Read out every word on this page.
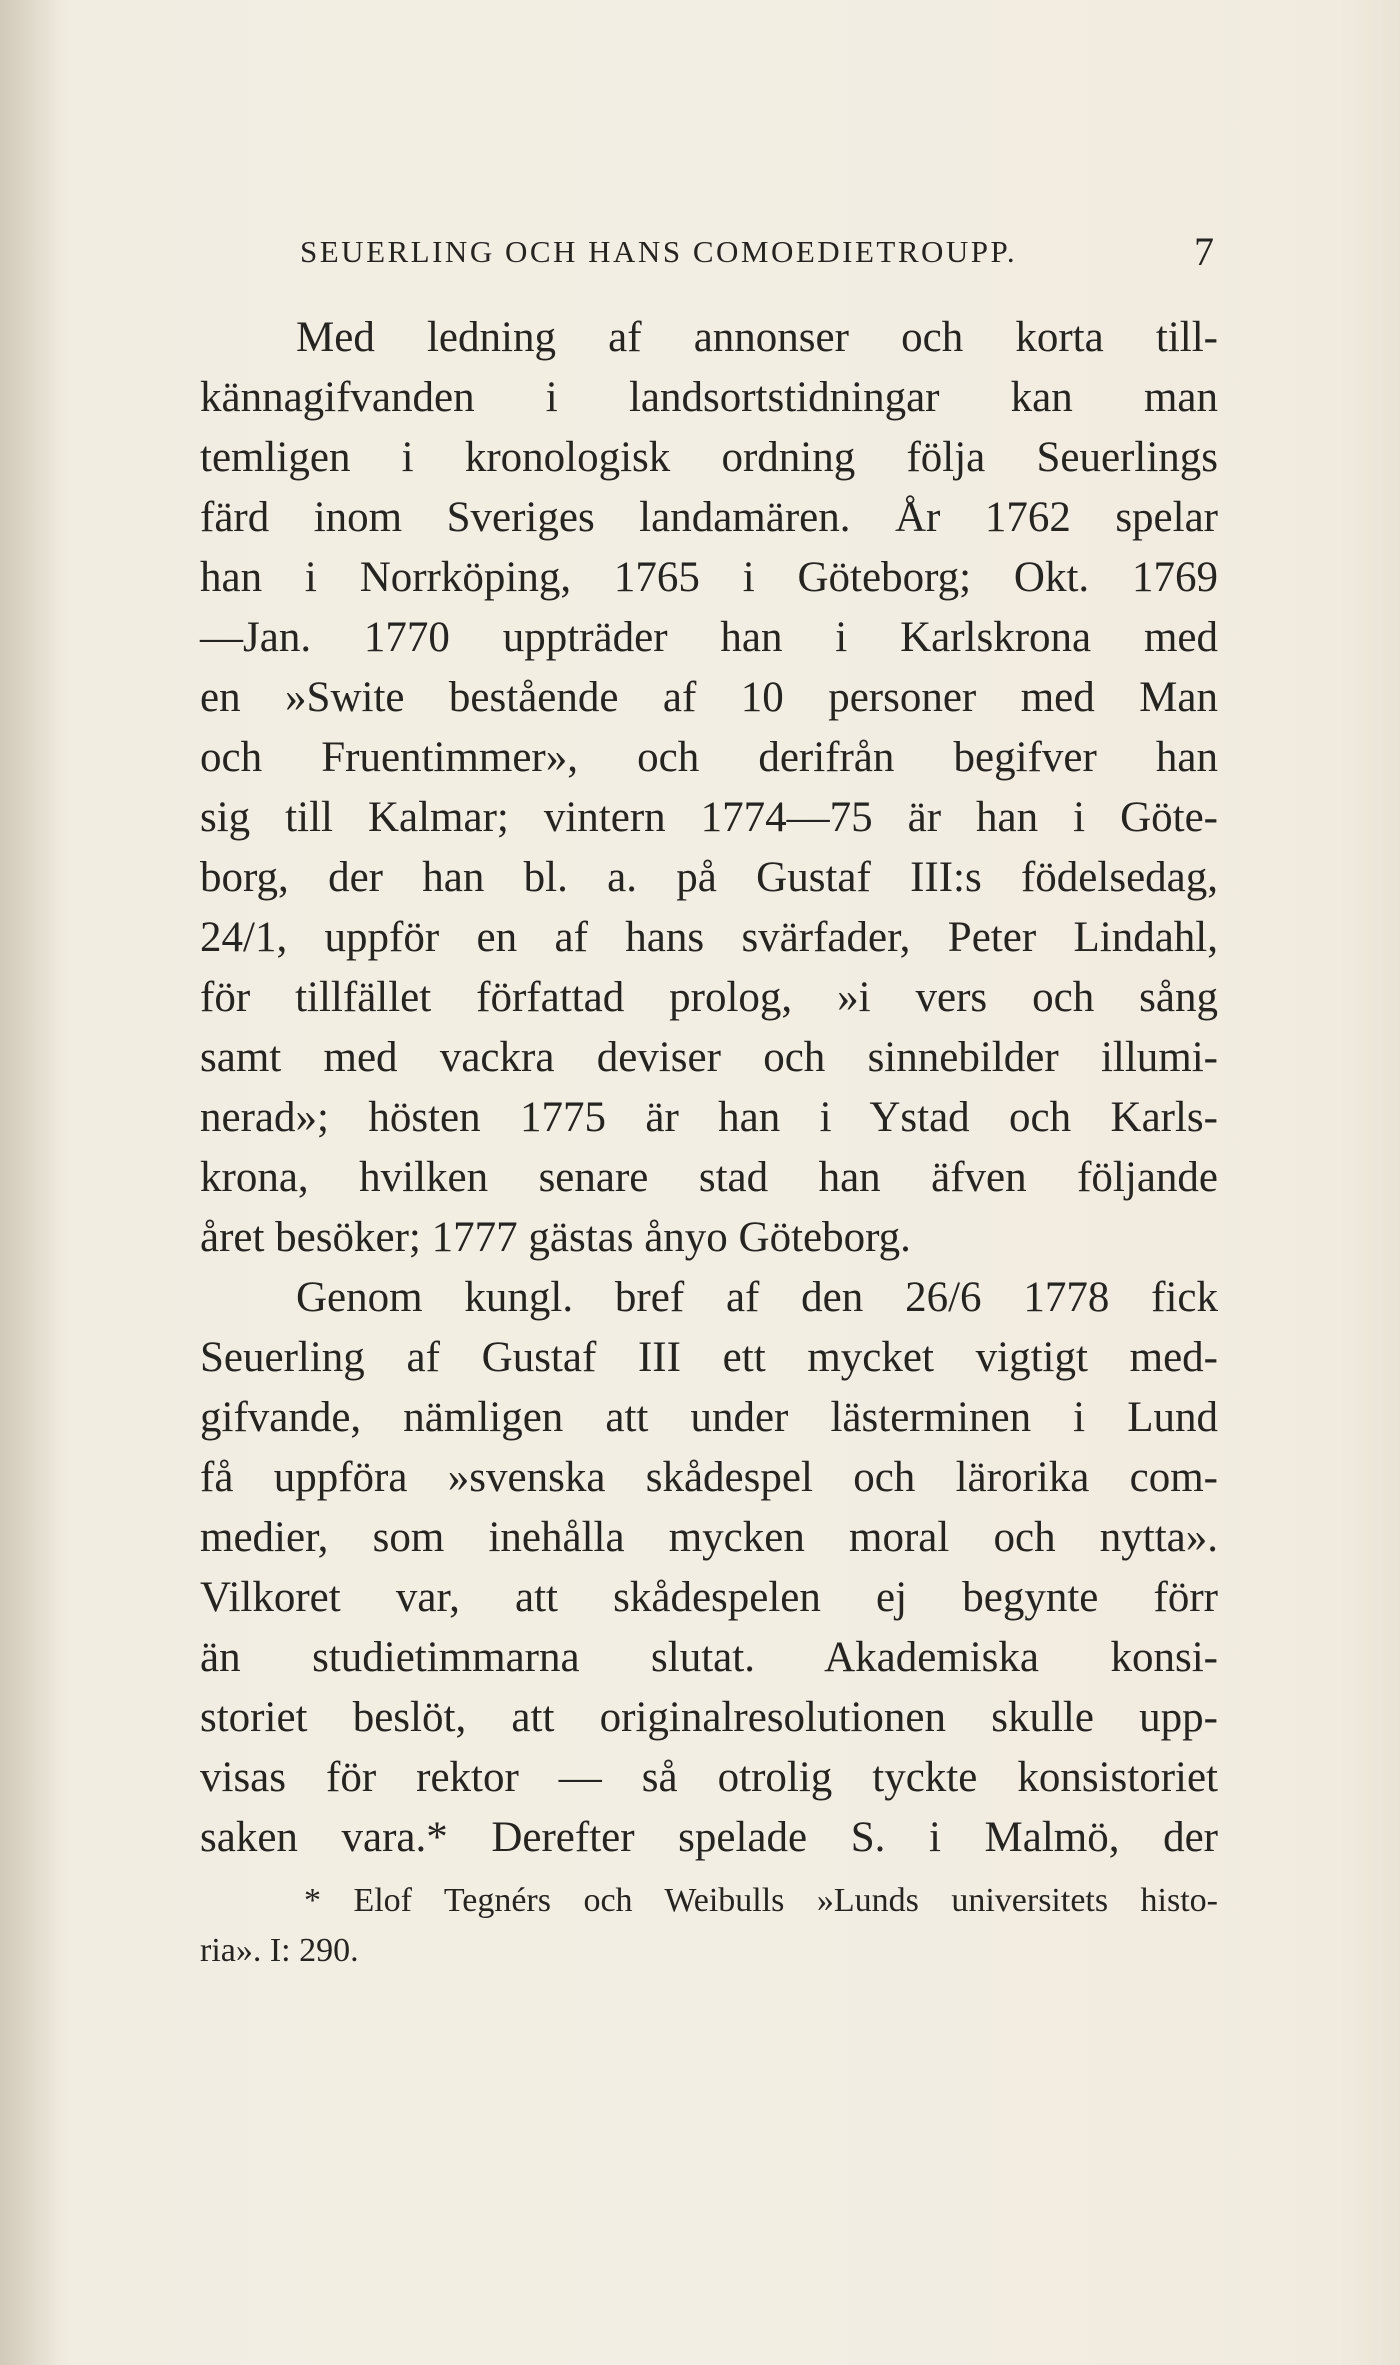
SEUERLING OCH HANS COMOEDIETROUPP.	7
Med ledning af annonser och korta till-
kännagifvanden i landsortstidningar kan man
temligen i kronologisk ordning följa Seuerlings
färd inom Sveriges landamären. År 1762 spelar
han i Norrköping, 1765 i Göteborg; Okt. 1769
—Jan. 1770 uppträder han i Karlskrona med
en »Swite bestående af 10 personer med Man
och Fruentimmer», och derifrån begifver han
sig till Kalmar; vintern 1774—75 är han i Göte-
borg, der han bl. a. på Gustaf III:s födelsedag,
24/1, uppför en af hans svärfader, Peter Lindahl,
för tillfället författad prolog, »i vers och sång
samt med vackra deviser och sinnebilder illumi-
nerad»; hösten 1775 är han i Ystad och Karls-
krona, hvilken senare stad han äfven följande
året besöker; 1777 gästas ånyo Göteborg.
Genom kungl. bref af den 26/6 1778 fick
Seuerling af Gustaf III ett mycket vigtigt med-
gifvande, nämligen att under lästerminen i Lund
få uppföra »svenska skådespel och lärorika com-
medier, som inehålla mycken moral och nytta».
Vilkoret var, att skådespelen ej begynte förr
än studietimmarna slutat. Akademiska konsi-
storiet beslöt, att originalresolutionen skulle upp-
visas för rektor — så otrolig tyckte konsistoriet
saken vara.* Derefter spelade S. i Malmö, der
* Elof Tegnérs och Weibulls »Lunds universitets histo-
ria». I: 290.
